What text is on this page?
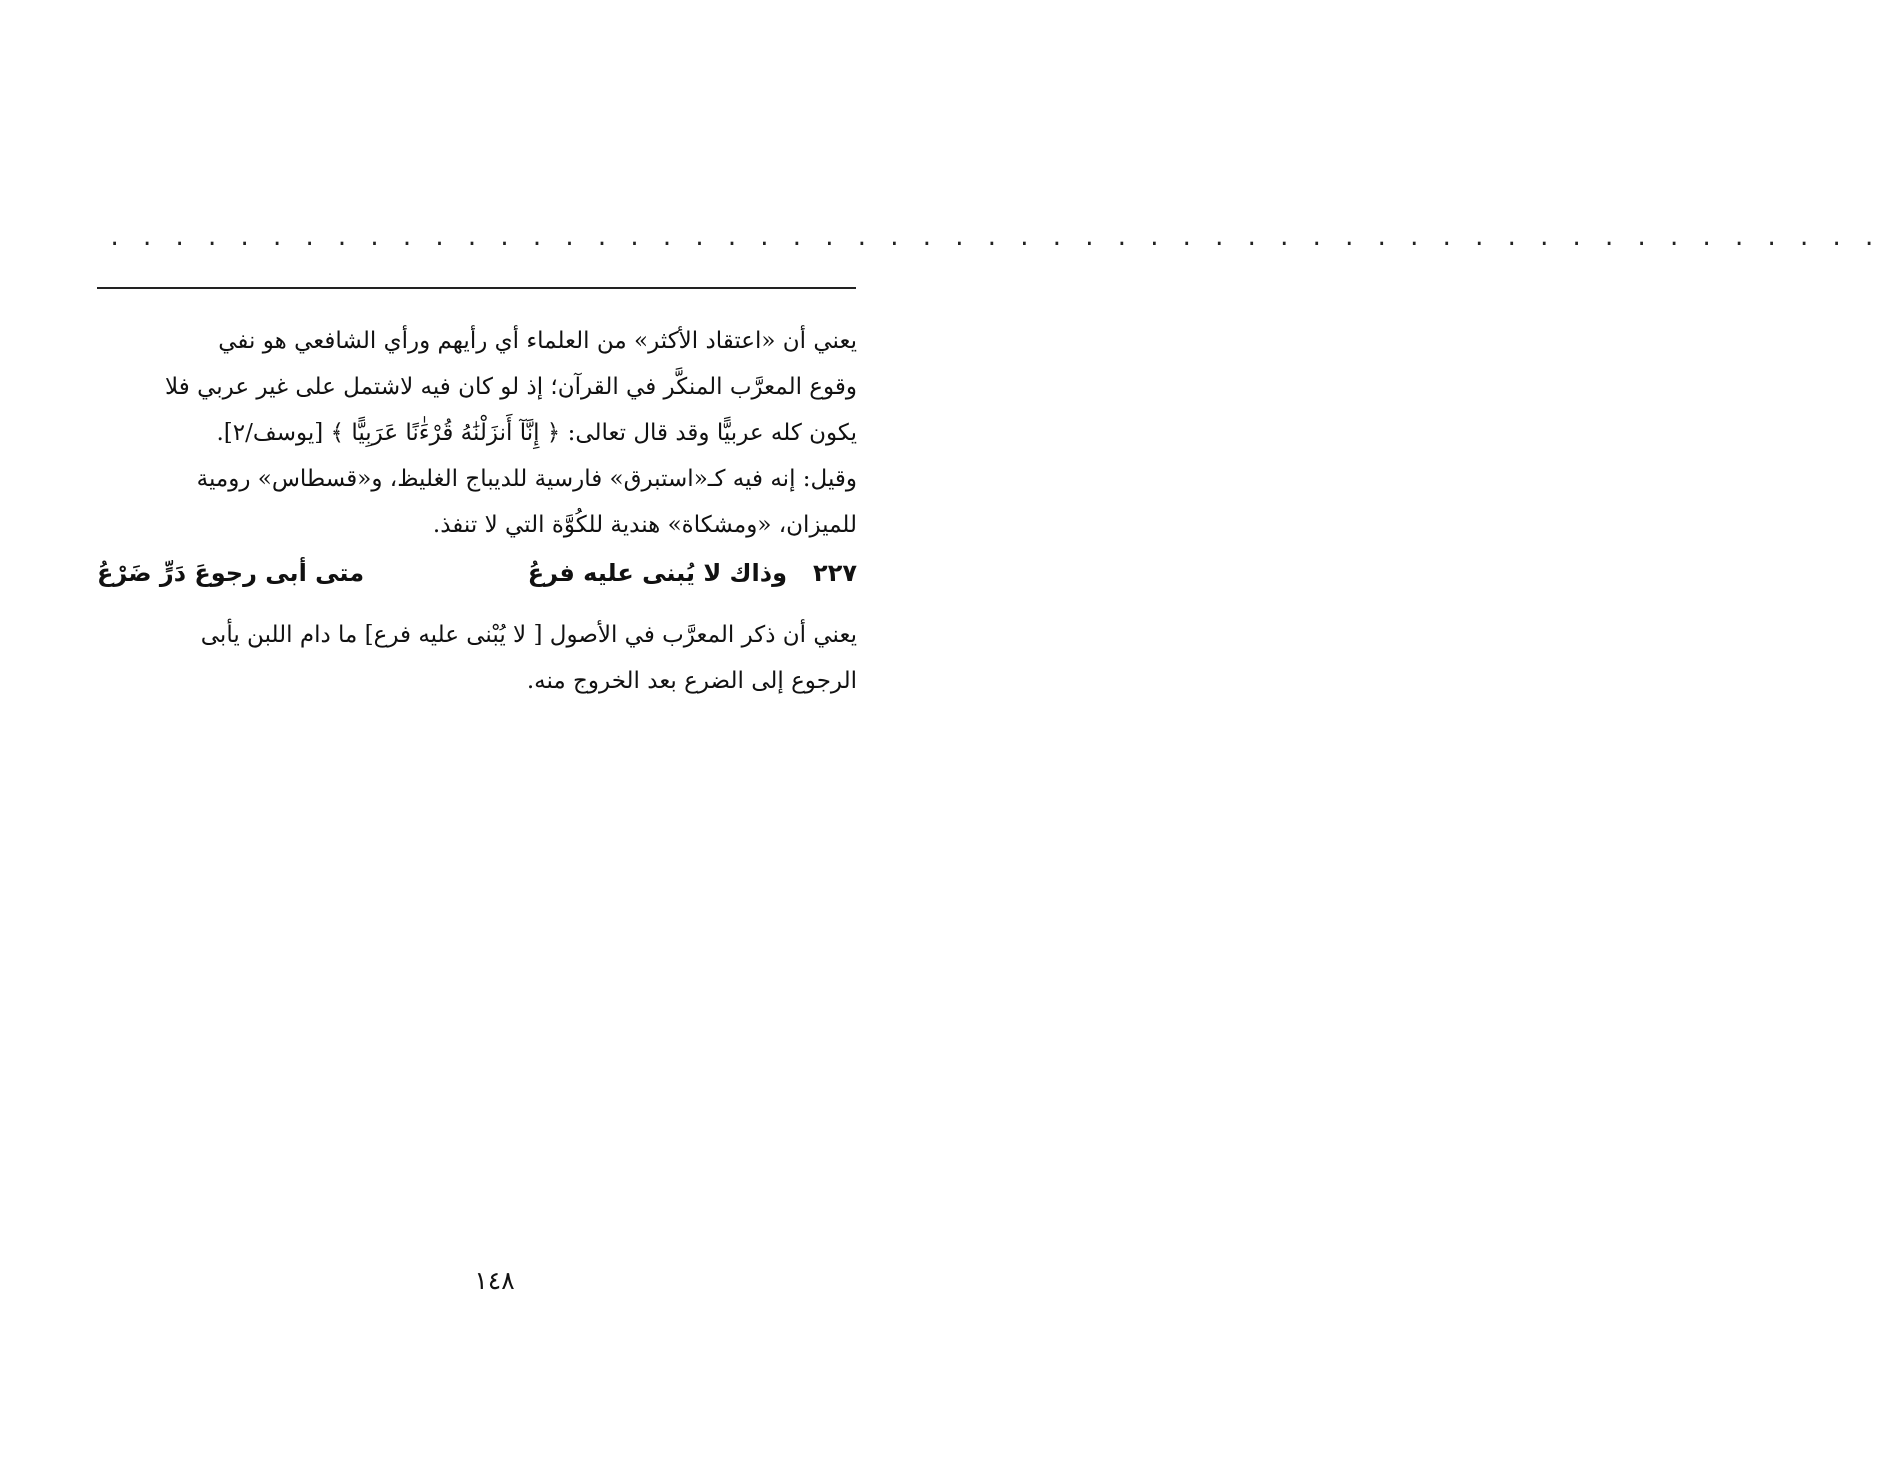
. . . . . . . . . . . . . . . . . . . . . . . . . . . . . . . . . . . . . . . . . . . . . . . . . . . . . . .
يعني أن «اعتقاد الأكثر» من العلماء أي رأيهم ورأي الشافعي هو نفي
وقوع المعرَّب المنكَّر في القرآن؛ إذ لو كان فيه لاشتمل على غير عربي فلا
يكون كله عربيًّا وقد قال تعالى: ﴿ إِنَّآ أَنزَلْنَٰهُ قُرْءَٰنًا عَرَبِيًّا ﴾ [يوسف/٢].
وقيل: إنه فيه كـ«استبرق» فارسية للديباج الغليظ، و«قسطاس» رومية
للميزان، «ومشكاة» هندية للكُوَّة التي لا تنفذ.
٢٢٧
وذاك لا يُبنى عليه فرعُ
متى أبى رجوعَ دَرٍّ ضَرْعُ
يعني أن ذكر المعرَّب في الأصول [ لا يُبْنى عليه فرع] ما دام اللبن يأبى
الرجوع إلى الضرع بعد الخروج منه.
١٤٨
